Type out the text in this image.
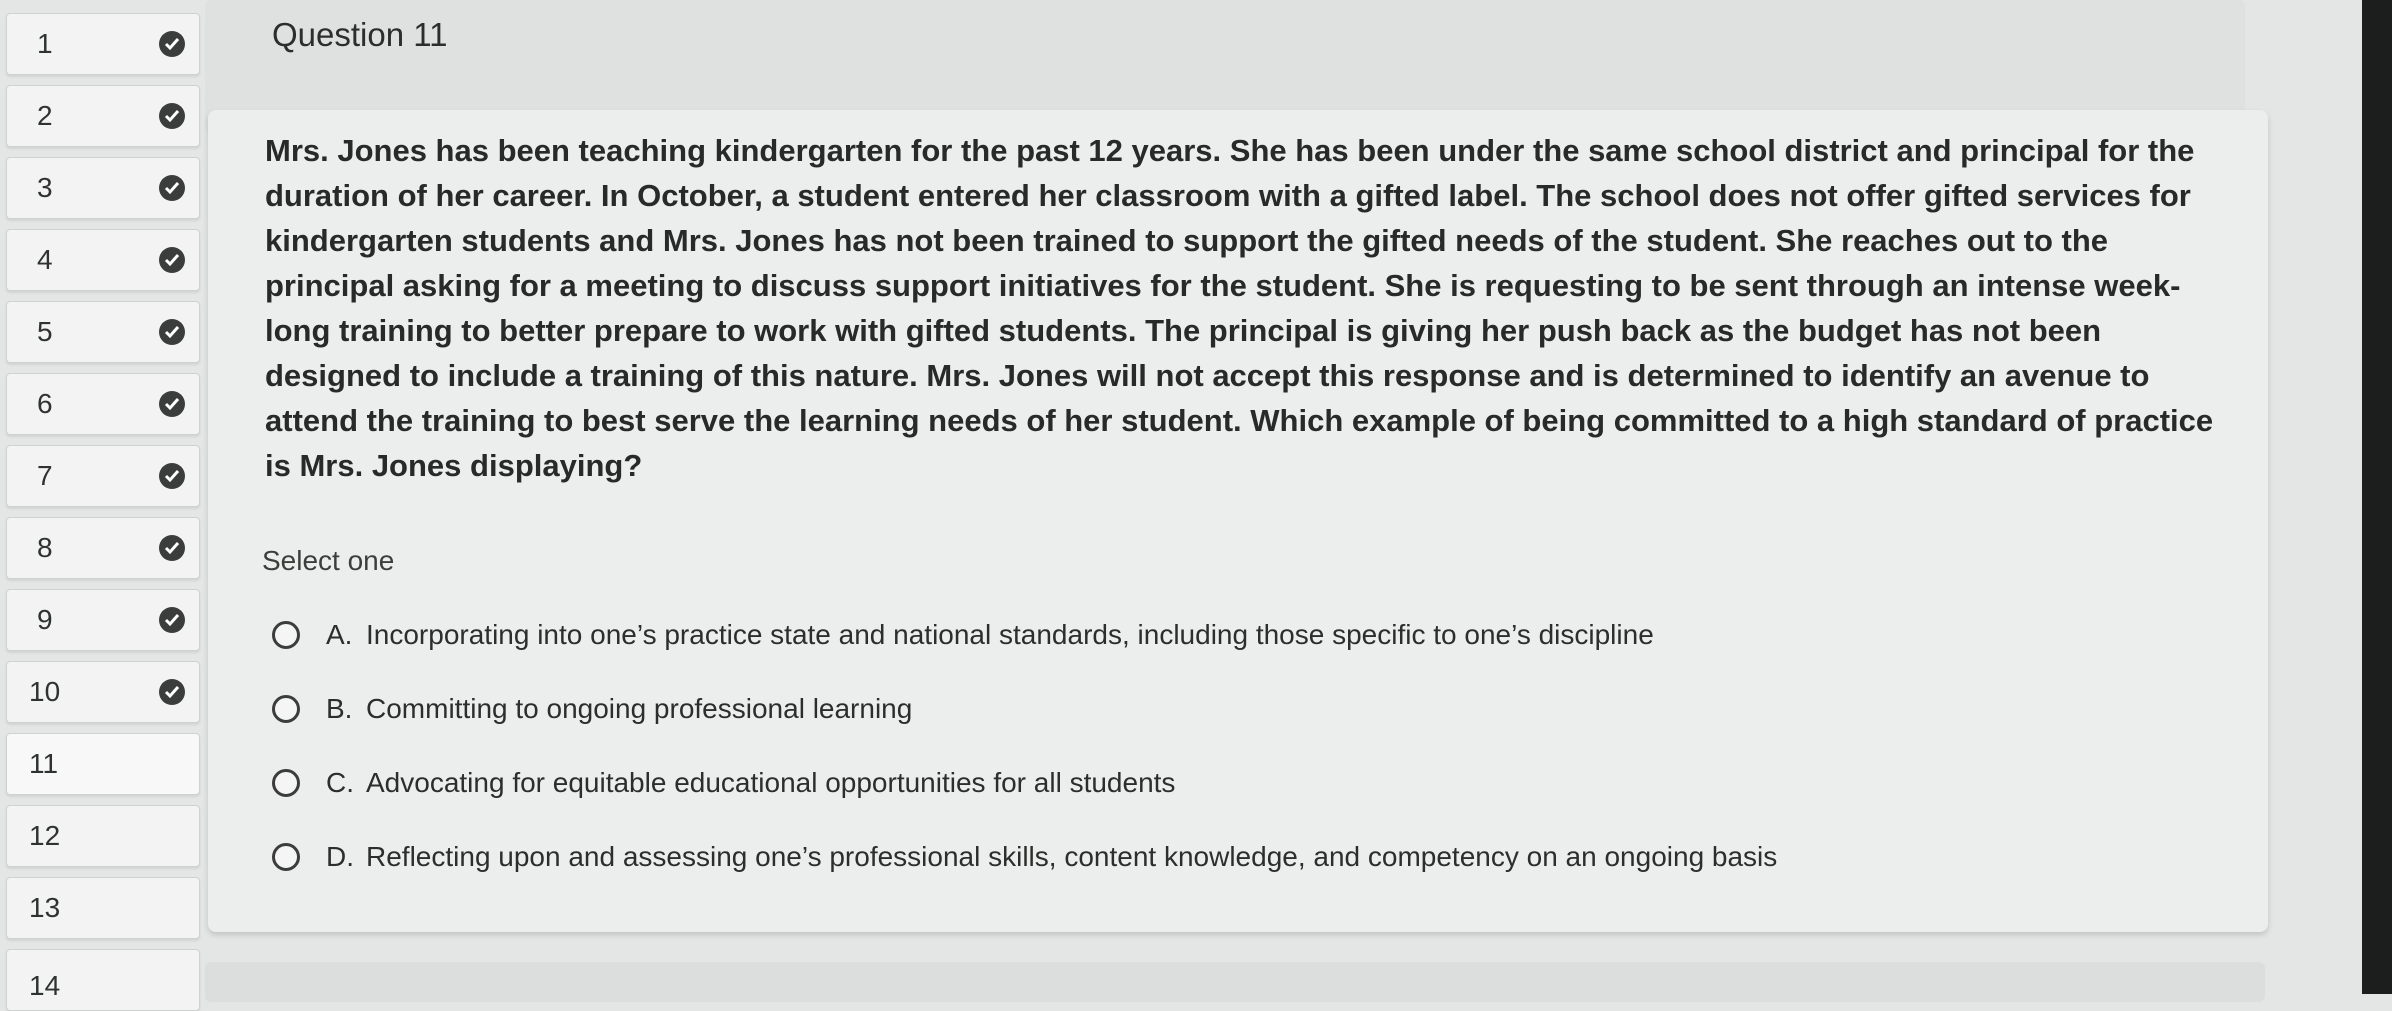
1
2
3
4
5
6
7
8
9
10
11
12
13
14
Question 11
Mrs. Jones has been teaching kindergarten for the past 12 years. She has been under the same school district and principal for the duration of her career. In October, a student entered her classroom with a gifted label. The school does not offer gifted services for kindergarten students and Mrs. Jones has not been trained to support the gifted needs of the student. She reaches out to the principal asking for a meeting to discuss support initiatives for the student. She is requesting to be sent through an intense week-long training to better prepare to work with gifted students. The principal is giving her push back as the budget has not been designed to include a training of this nature. Mrs. Jones will not accept this response and is determined to identify an avenue to attend the training to best serve the learning needs of her student. Which example of being committed to a high standard of practice is Mrs. Jones displaying?
Select one
A. Incorporating into one’s practice state and national standards, including those specific to one’s discipline
B. Committing to ongoing professional learning
C. Advocating for equitable educational opportunities for all students
D. Reflecting upon and assessing one’s professional skills, content knowledge, and competency on an ongoing basis
